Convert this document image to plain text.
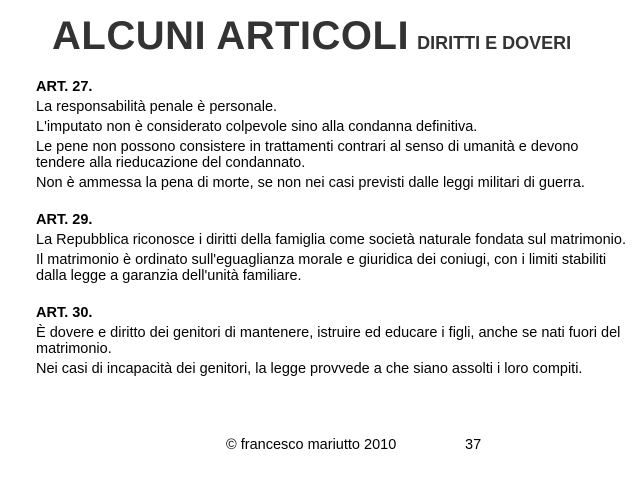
ALCUNI ARTICOLI DIRITTI E DOVERI
ART. 27.
La responsabilità penale è personale.
L'imputato non è considerato colpevole sino alla condanna definitiva.
Le pene non possono consistere in trattamenti contrari al senso di umanità e devono tendere alla rieducazione del condannato.
Non è ammessa la pena di morte, se non nei casi previsti dalle leggi militari di guerra.
ART. 29.
La Repubblica riconosce i diritti della famiglia come società naturale fondata sul matrimonio.
Il matrimonio è ordinato sull'eguaglianza morale e giuridica dei coniugi, con i limiti stabiliti dalla legge a garanzia dell'unità familiare.
ART. 30.
È dovere e diritto dei genitori di mantenere, istruire ed educare i figli, anche se nati fuori del matrimonio.
Nei casi di incapacità dei genitori, la legge provvede a che siano assolti i loro compiti.
© francesco mariutto 2010	37
